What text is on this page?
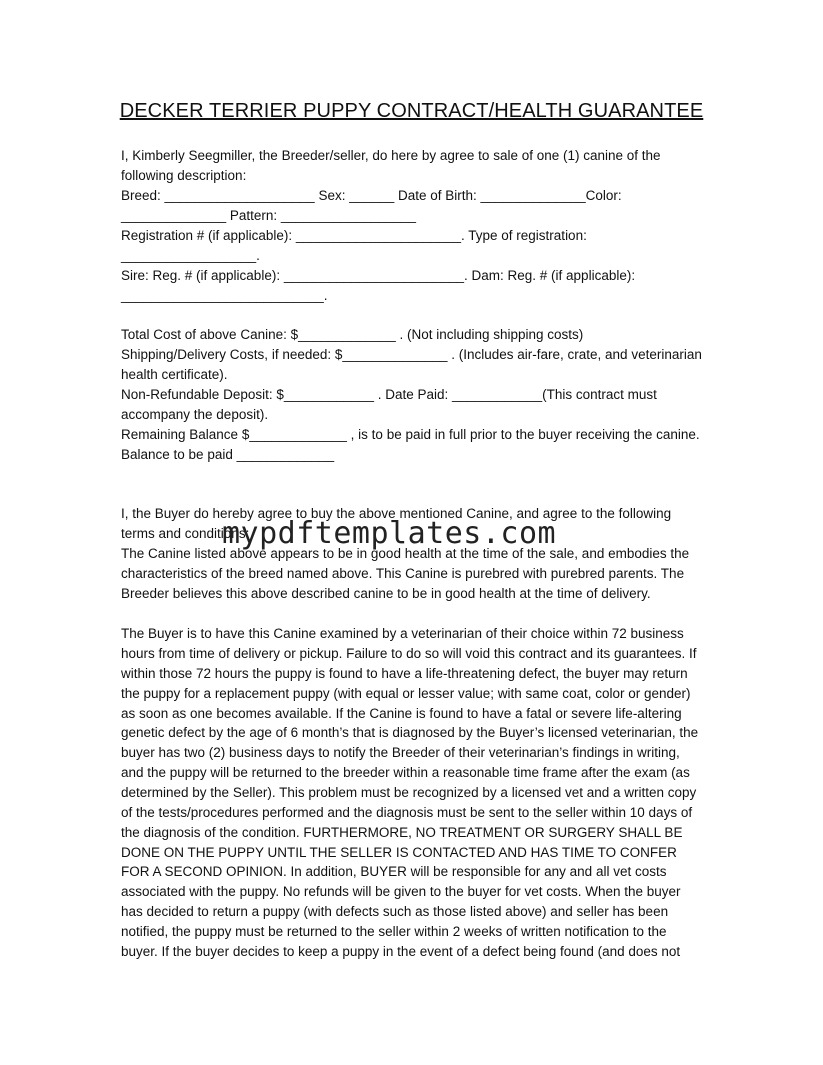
DECKER TERRIER PUPPY CONTRACT/HEALTH GUARANTEE
I, Kimberly Seegmiller, the Breeder/seller, do here by agree to sale of one (1) canine of the
following description:
Breed: ____________________ Sex: ______ Date of Birth: ______________Color:
______________ Pattern: __________________
Registration # (if applicable): ______________________. Type of registration:
__________________.
Sire: Reg. # (if applicable): ________________________. Dam: Reg. # (if applicable):
___________________________.
Total Cost of above Canine: $_____________ . (Not including shipping costs)
Shipping/Delivery Costs, if needed: $______________ . (Includes air-fare, crate, and veterinarian
health certificate).
Non-Refundable Deposit: $____________ . Date Paid: ____________(This contract must
accompany the deposit).
Remaining Balance $_____________ , is to be paid in full prior to the buyer receiving the canine.
Balance to be paid _____________
I, the Buyer do hereby agree to buy the above mentioned Canine, and agree to the following
terms and conditions:
The Canine listed above appears to be in good health at the time of the sale, and embodies the
characteristics of the breed named above. This Canine is purebred with purebred parents. The
Breeder believes this above described canine to be in good health at the time of delivery.
The Buyer is to have this Canine examined by a veterinarian of their choice within 72 business
hours from time of delivery or pickup. Failure to do so will void this contract and its guarantees. If
within those 72 hours the puppy is found to have a life-threatening defect, the buyer may return
the puppy for a replacement puppy (with equal or lesser value; with same coat, color or gender)
as soon as one becomes available. If the Canine is found to have a fatal or severe life-altering
genetic defect by the age of 6 month’s that is diagnosed by the Buyer’s licensed veterinarian, the
buyer has two (2) business days to notify the Breeder of their veterinarian’s findings in writing,
and the puppy will be returned to the breeder within a reasonable time frame after the exam (as
determined by the Seller). This problem must be recognized by a licensed vet and a written copy
of the tests/procedures performed and the diagnosis must be sent to the seller within 10 days of
the diagnosis of the condition. FURTHERMORE, NO TREATMENT OR SURGERY SHALL BE
DONE ON THE PUPPY UNTIL THE SELLER IS CONTACTED AND HAS TIME TO CONFER
FOR A SECOND OPINION. In addition, BUYER will be responsible for any and all vet costs
associated with the puppy. No refunds will be given to the buyer for vet costs. When the buyer
has decided to return a puppy (with defects such as those listed above) and seller has been
notified, the puppy must be returned to the seller within 2 weeks of written notification to the
buyer. If the buyer decides to keep a puppy in the event of a defect being found (and does not
mypdftemplates.com
